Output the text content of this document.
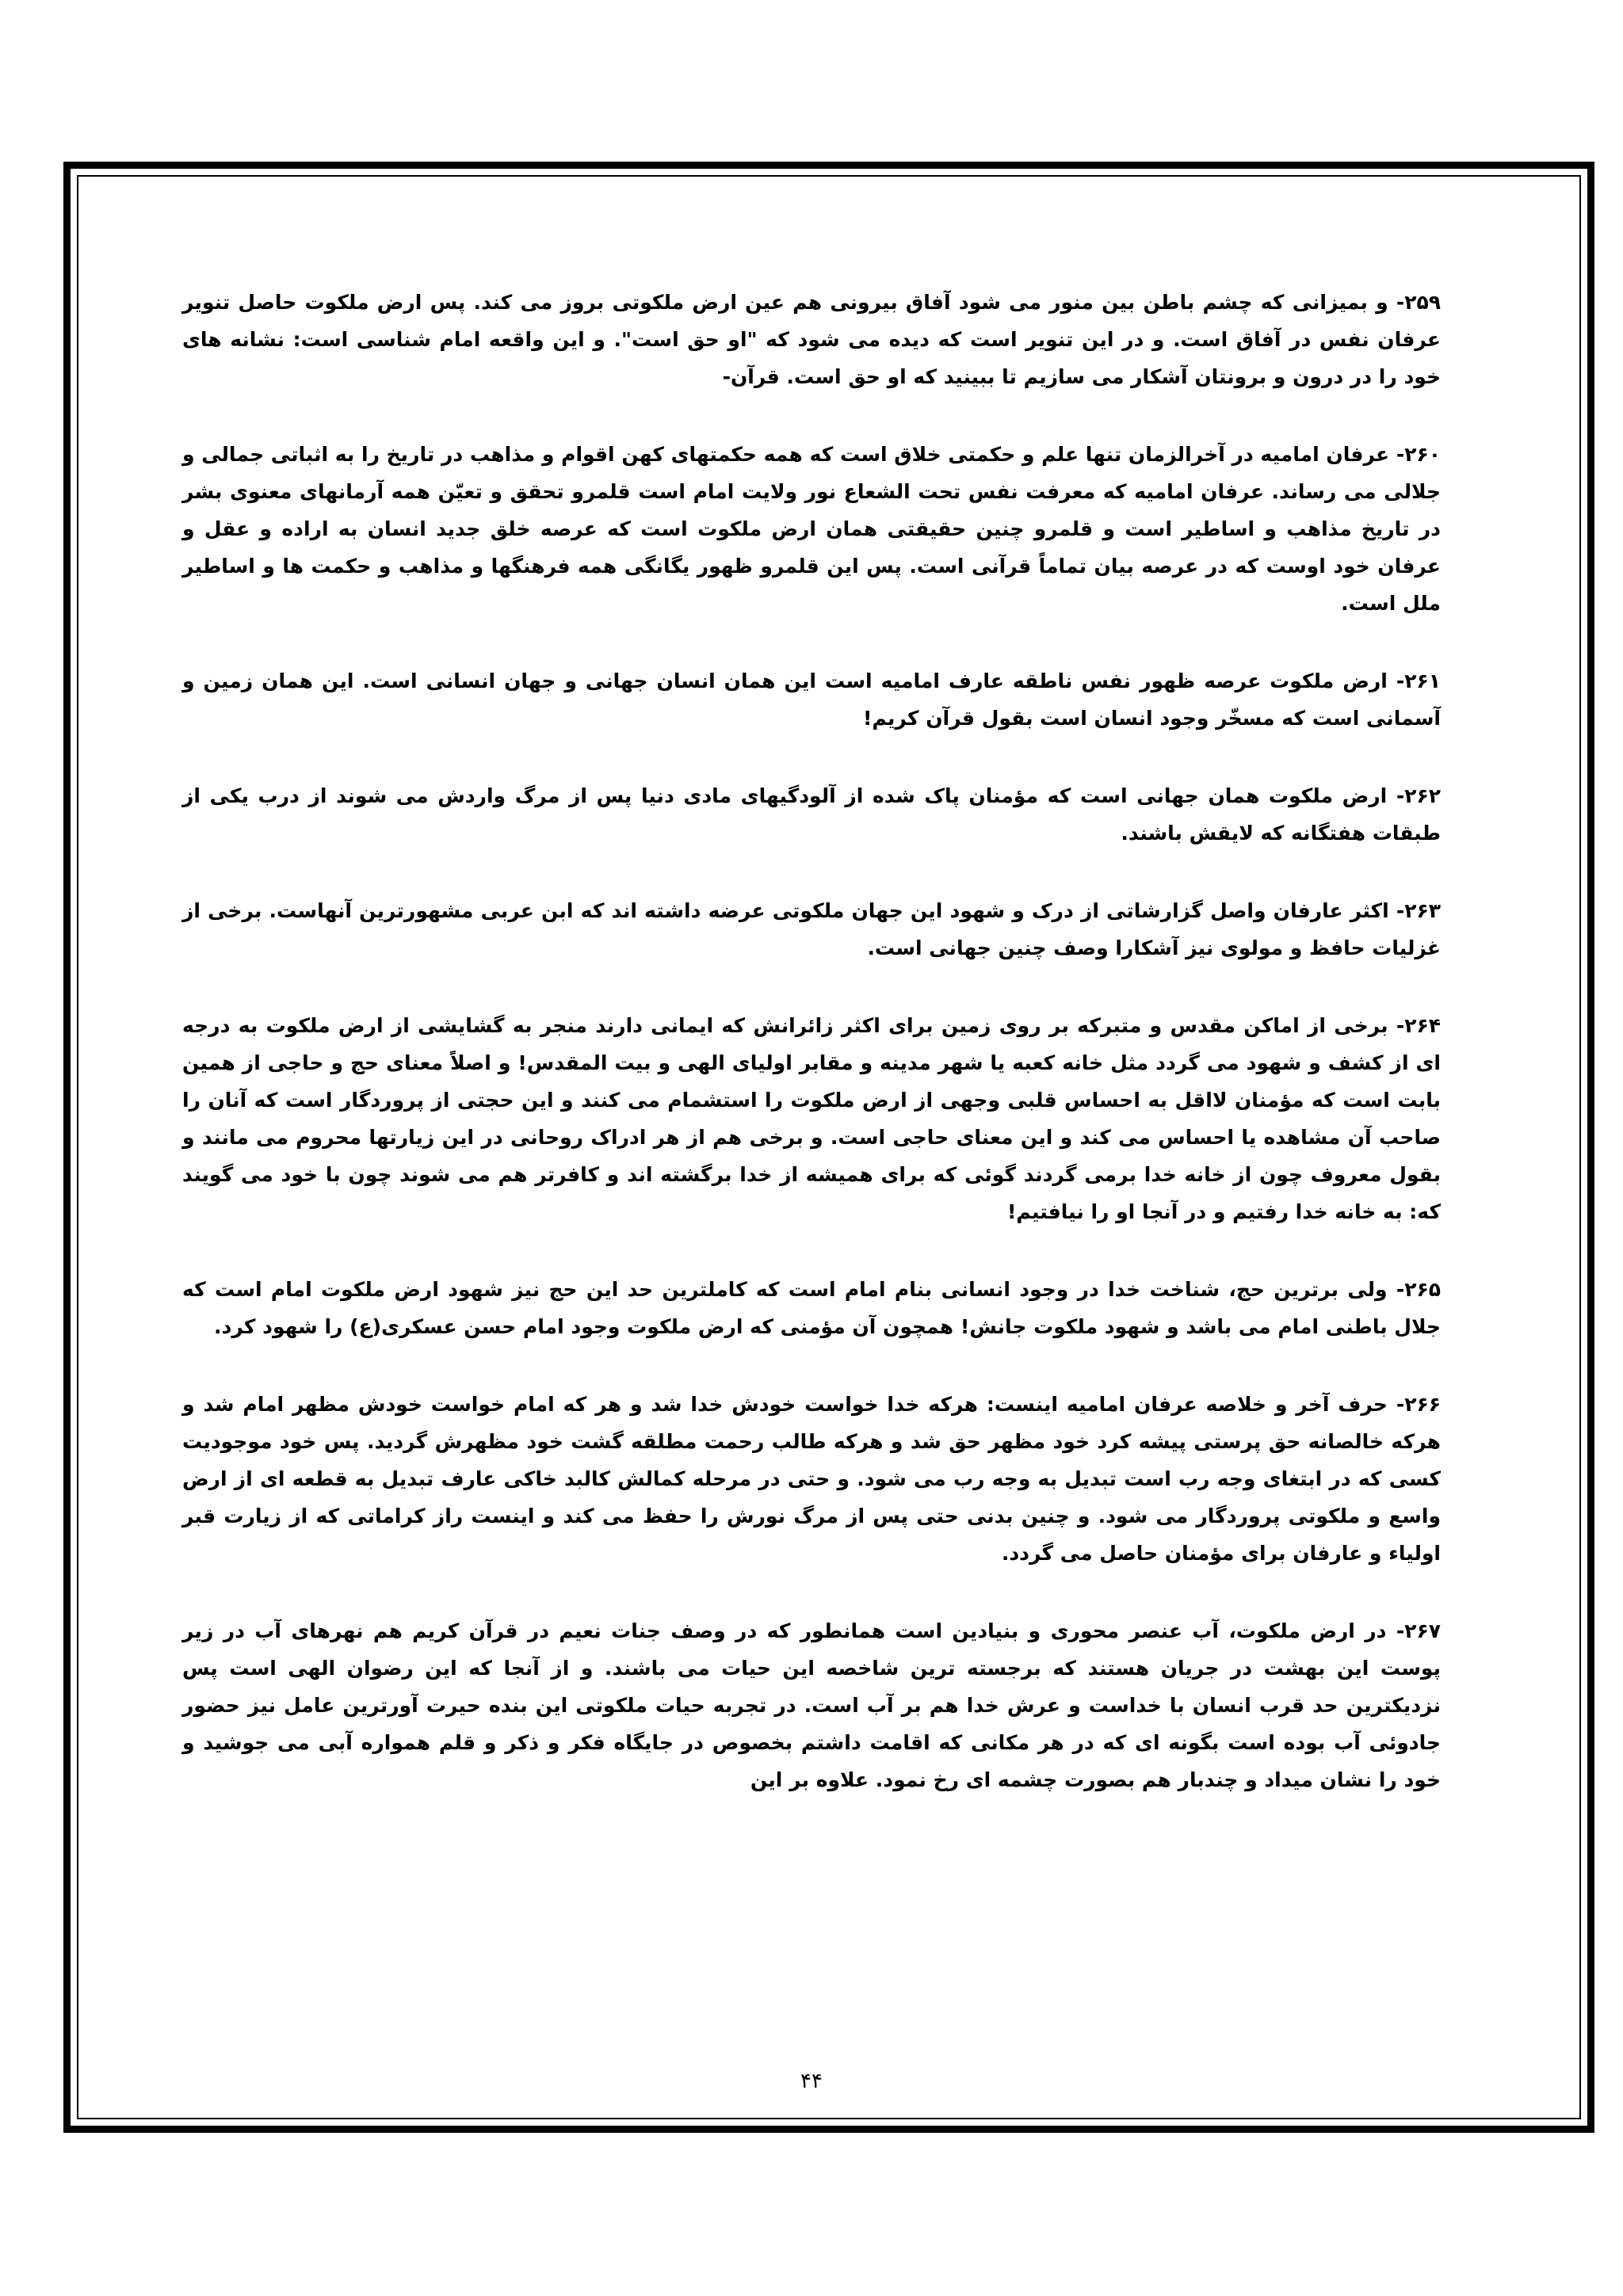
۲۵۹- و بمیزانی که چشم باطن بین منور می شود آفاق بیرونی هم عین ارض ملکوتی بروز می کند. پس ارض ملکوت حاصل تنویر عرفان نفس در آفاق است. و در این تنویر است که دیده می شود که "او حق است". و این واقعه امام شناسی است: نشانه های خود را در درون و برونتان آشکار می سازیم تا ببینید که او حق است. قرآن-

۲۶۰- عرفان امامیه در آخرالزمان تنها علم و حکمتی خلاق است که همه حکمتهای کهن اقوام و مذاهب در تاریخ را به اثباتی جمالی و جلالی می رساند. عرفان امامیه که معرفت نفس تحت الشعاع نور ولایت امام است قلمرو تحقق و تعیّن همه آرمانهای معنوی بشر در تاریخ مذاهب و اساطیر است و قلمرو چنین حقیقتی همان ارض ملکوت است که عرصه خلق جدید انسان به اراده و عقل و عرفان خود اوست که در عرصه بیان تماماً قرآنی است. پس این قلمرو ظهور یگانگی همه فرهنگها و مذاهب و حکمت ها و اساطیر ملل است.

۲۶۱- ارض ملکوت عرصه ظهور نفس ناطقه عارف امامیه است این همان انسان جهانی و جهان انسانی است. این همان زمین و آسمانی است که مسخّر وجود انسان است بقول قرآن کریم!

۲۶۲- ارض ملکوت همان جهانی است که مؤمنان پاک شده از آلودگیهای مادی دنیا پس از مرگ واردش می شوند از درب یکی از طبقات هفتگانه که لایقش باشند.

۲۶۳- اکثر عارفان واصل گزارشاتی از درک و شهود این جهان ملکوتی عرضه داشته اند که ابن عربی مشهورترین آنهاست. برخی از غزلیات حافظ و مولوی نیز آشکارا وصف چنین جهانی است.

۲۶۴- برخی از اماکن مقدس و متبرکه بر روی زمین برای اکثر زائرانش که ایمانی دارند منجر به گشایشی از ارض ملکوت به درجه ای از کشف و شهود می گردد مثل خانه کعبه یا شهر مدینه و مقابر اولیای الهی و بیت المقدس! و اصلاً معنای حج و حاجی از همین بابت است که مؤمنان لااقل به احساس قلبی وجهی از ارض ملکوت را استشمام می کنند و این حجتی از پروردگار است که آنان را صاحب آن مشاهده یا احساس می کند و این معنای حاجی است. و برخی هم از هر ادراک روحانی در این زیارتها محروم می مانند و بقول معروف چون از خانه خدا برمی گردند گوئی که برای همیشه از خدا برگشته اند و کافرتر هم می شوند چون با خود می گویند که: به خانه خدا رفتیم و در آنجا او را نیافتیم!

۲۶۵- ولی برترین حج، شناخت خدا در وجود انسانی بنام امام است که کاملترین حد این حج نیز شهود ارض ملکوت امام است که جلال باطنی امام می باشد و شهود ملکوت جانش! همچون آن مؤمنی که ارض ملکوت وجود امام حسن عسکری(ع) را شهود کرد.

۲۶۶- حرف آخر و خلاصه عرفان امامیه اینست: هرکه خدا خواست خودش خدا شد و هر که امام خواست خودش مظهر امام شد و هرکه خالصانه حق پرستی پیشه کرد خود مظهر حق شد و هرکه طالب رحمت مطلقه گشت خود مظهرش گردید. پس خود موجودیت کسی که در ابتغای وجه رب است تبدیل به وجه رب می شود. و حتی در مرحله کمالش کالبد خاکی عارف تبدیل به قطعه ای از ارض واسع و ملکوتی پروردگار می شود. و چنین بدنی حتی پس از مرگ نورش را حفظ می کند و اینست راز کراماتی که از زیارت قبر اولیاء و عارفان برای مؤمنان حاصل می گردد.

۲۶۷- در ارض ملکوت، آب عنصر محوری و بنیادین است همانطور که در وصف جنات نعیم در قرآن کریم هم نهرهای آب در زیر پوست این بهشت در جریان هستند که برجسته ترین شاخصه این حیات می باشند. و از آنجا که این رضوان الهی است پس نزدیکترین حد قرب انسان با خداست و عرش خدا هم بر آب است. در تجربه حیات ملکوتی این بنده حیرت آورترین عامل نیز حضور جادوئی آب بوده است بگونه ای که در هر مکانی که اقامت داشتم بخصوص در جایگاه فکر و ذکر و قلم همواره آبی می جوشید و خود را نشان میداد و چندبار هم بصورت چشمه ای رخ نمود. علاوه بر این

۴۴
